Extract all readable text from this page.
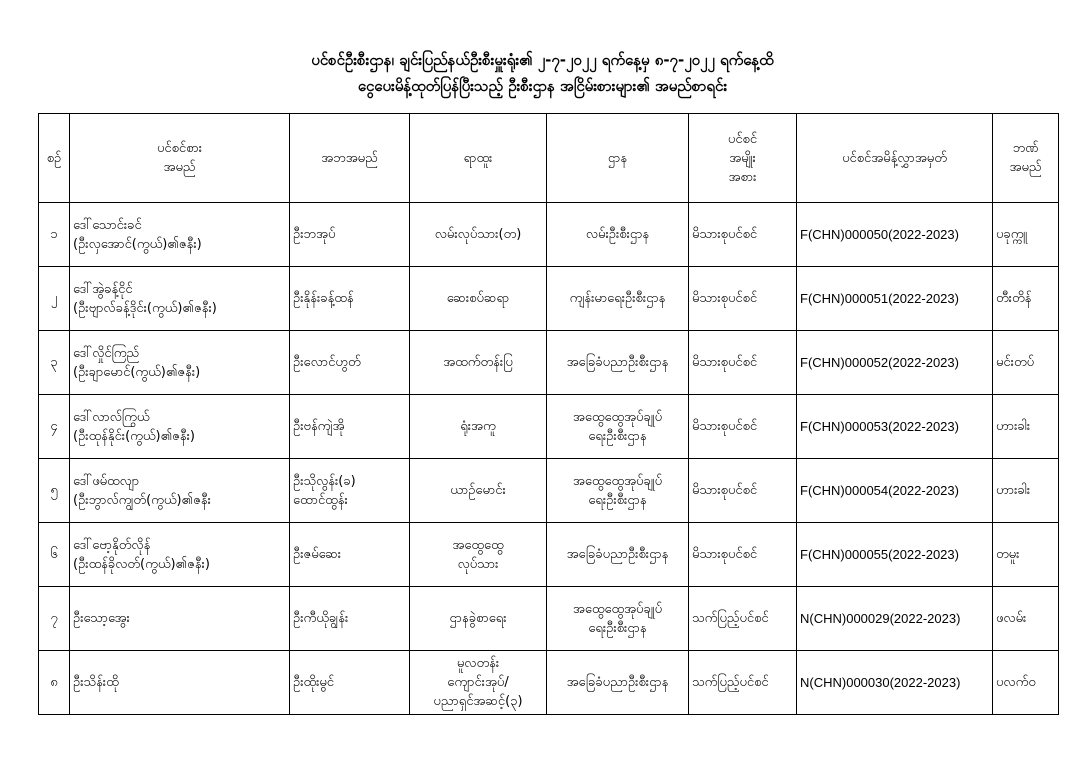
ပင်စင်ဦးစီးဌာန၊ ချင်းပြည်နယ်ဦးစီးမှူးရုံး၏ ၂-၇-၂၀၂၂ ရက်နေ့မှ ၈-၇-၂၀၂၂ ရက်နေ့ထိ
ငွေပေးမိန့်ထုတ်ပြန်ပြီးသည့် ဦးစီးဌာန အငြိမ်းစားများ၏ အမည်စာရင်း
စဉ်	ပင်စင်စား
အမည်	အဘအမည်	ရာထူး	ဌာန	ပင်စင်
အမျိုး
အစား	ပင်စင်အမိန့်လွှာအမှတ်	ဘဏ်
အမည်
၁	ဒေါ်သောင်းခင်
(ဦးလှအောင်(ကွယ်)၏ဇနီး)	ဦးဘအုပ်	လမ်းလုပ်သား(တ)	လမ်းဦးစီးဌာန	မိသားစုပင်စင်	F(CHN)000050(2022-2023)	ပခုက္ကူ
၂	ဒေါ်အွဲခန့်ငိုင်
(ဦးဗျာလ်ခန့်ဒိုင်း(ကွယ်)၏ဇနီး)	ဦးနိုန်းခန့်ထန်	ဆေးစပ်ဆရာ	ကျန်းမာရေးဦးစီးဌာန	မိသားစုပင်စင်	F(CHN)000051(2022-2023)	တီးတိန်
၃	ဒေါ်လှိုင်ကြည်
(ဦးချာမောင်(ကွယ်)၏ဇနီး)	ဦးလောင်ဟွတ်	အထက်တန်းပြ	အခြေခံပညာဦးစီးဌာန	မိသားစုပင်စင်	F(CHN)000052(2022-2023)	မင်းတပ်
၄	ဒေါ်လာလ်ကြွယ်
(ဦးထုန်နိုင်း(ကွယ်)၏ဇနီး)	ဦးဗန်ကျဲအို	ရုံးအကူ	အထွေထွေအုပ်ချုပ်
ရေးဦးစီးဌာန	မိသားစုပင်စင်	F(CHN)000053(2022-2023)	ဟားခါး
၅	ဒေါ်ဖမ်ထလျာ
(ဦးဘွာလ်ကျွတ်(ကွယ်)၏ဇနီး	ဦးသိုလွန်း(ခ)
ထောင်ထွန်း	ယာဉ်မောင်း	အထွေထွေအုပ်ချုပ်
ရေးဦးစီးဌာန	မိသားစုပင်စင်	F(CHN)000054(2022-2023)	ဟားခါး
၆	ဒေါ်ဗော့နိုတ်လိုန်
(ဦးထန်ခိုလတ်(ကွယ်)၏ဇနီး)	ဦးဇမ်ဆေး	အထွေထွေ
လုပ်သား	အခြေခံပညာဦးစီးဌာန	မိသားစုပင်စင်	F(CHN)000055(2022-2023)	တမူး
၇	ဦးသော့အွေး	ဦးကီယိုချွန်း	ဌာနခွဲစာရေး	အထွေထွေအုပ်ချုပ်
ရေးဦးစီးဌာန	သက်ပြည့်ပင်စင်	N(CHN)000029(2022-2023)	ဖလမ်း
၈	ဦးသိန်းထို	ဦးထိုးမွင်	မူလတန်း
ကျောင်းအုပ်/
ပညာရှင်အဆင့်(၃)	အခြေခံပညာဦးစီးဌာန	သက်ပြည့်ပင်စင်	N(CHN)000030(2022-2023)	ပလက်ဝ
